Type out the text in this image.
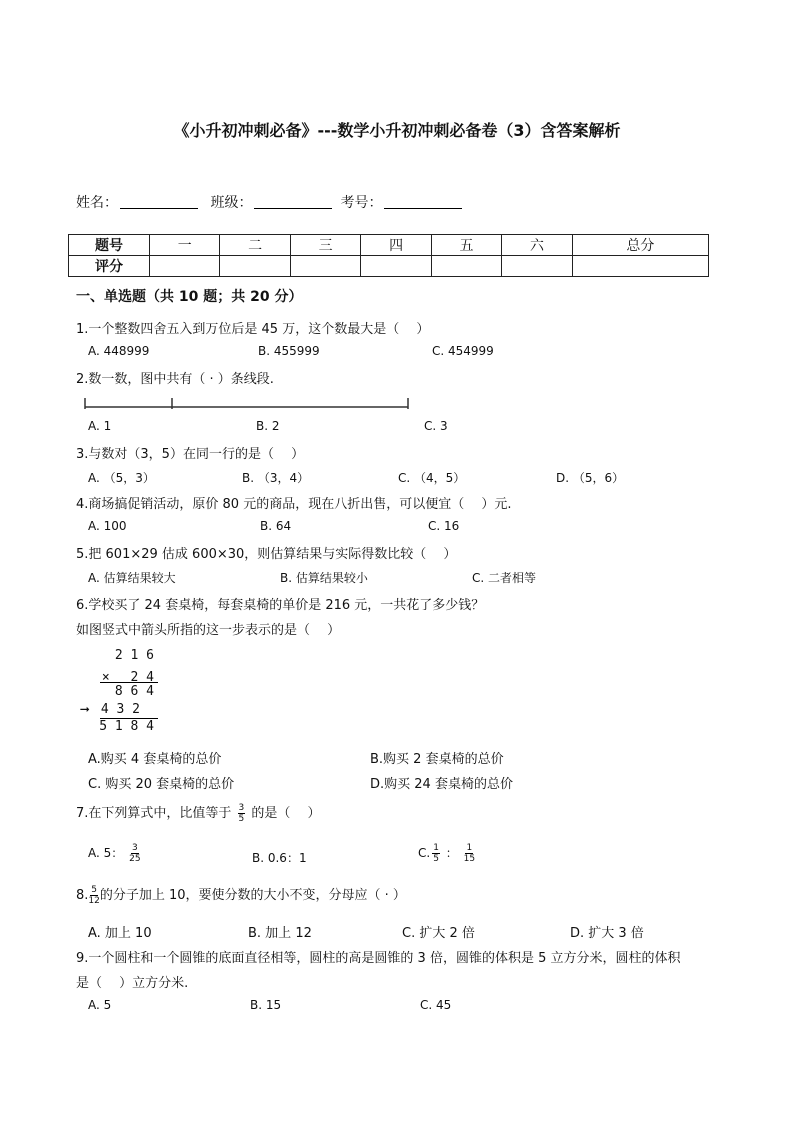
《小升初冲刺必备》---数学小升初冲刺必备卷（3）含答案解析
姓名：	班级：	考号：
题号	一	二	三	四	五	六	总分
评分							
一、单选题（共 10 题；共 20 分）
1.一个整数四舍五入到万位后是 45 万，这个数最大是（　 ）
A. 448999	B. 455999	C. 454999
2.数一数，图中共有（ · ）条线段.
A. 1	B. 2	C. 3
3.与数对（3，5）在同一行的是（　 ）
A. （5，3）	B. （3，4）	C. （4，5）	D. （5，6）
4.商场搞促销活动，原价 80 元的商品，现在八折出售，可以便宜（　 ）元.
A. 100	B. 64	C. 16
5.把 601×29 估成 600×30，则估算结果与实际得数比较（　 ）
A. 估算结果较大	B. 估算结果较小	C. 二者相等
6.学校买了 24 套桌椅，每套桌椅的单价是 216 元，一共花了多少钱？
如图竖式中箭头所指的这一步表示的是（　 ）
2 1 6
× 　2 4
8 6 4
4 3 2
➞
5 1 8 4
A.购买 4 套桌椅的总价	B.购买 2 套桌椅的总价
C. 购买 20 套桌椅的总价	D.购买 24 套桌椅的总价
7.在下列算式中，比值等于 $\frac{3}{5}$ 的是（　 ）
A. 5： $\frac{3}{25}$	B. 0.6：1	C. $\frac{1}{5}$ ： $\frac{1}{15}$
8. $\frac{5}{12}$ 的分子加上 10，要使分数的大小不变，分母应（ · ）
A. 加上 10	B. 加上 12	C. 扩大 2 倍	D. 扩大 3 倍
9.一个圆柱和一个圆锥的底面直径相等，圆柱的高是圆锥的 3 倍，圆锥的体积是 5 立方分米，圆柱的体积
是（　 ）立方分米.
A. 5	B. 15	C. 45
